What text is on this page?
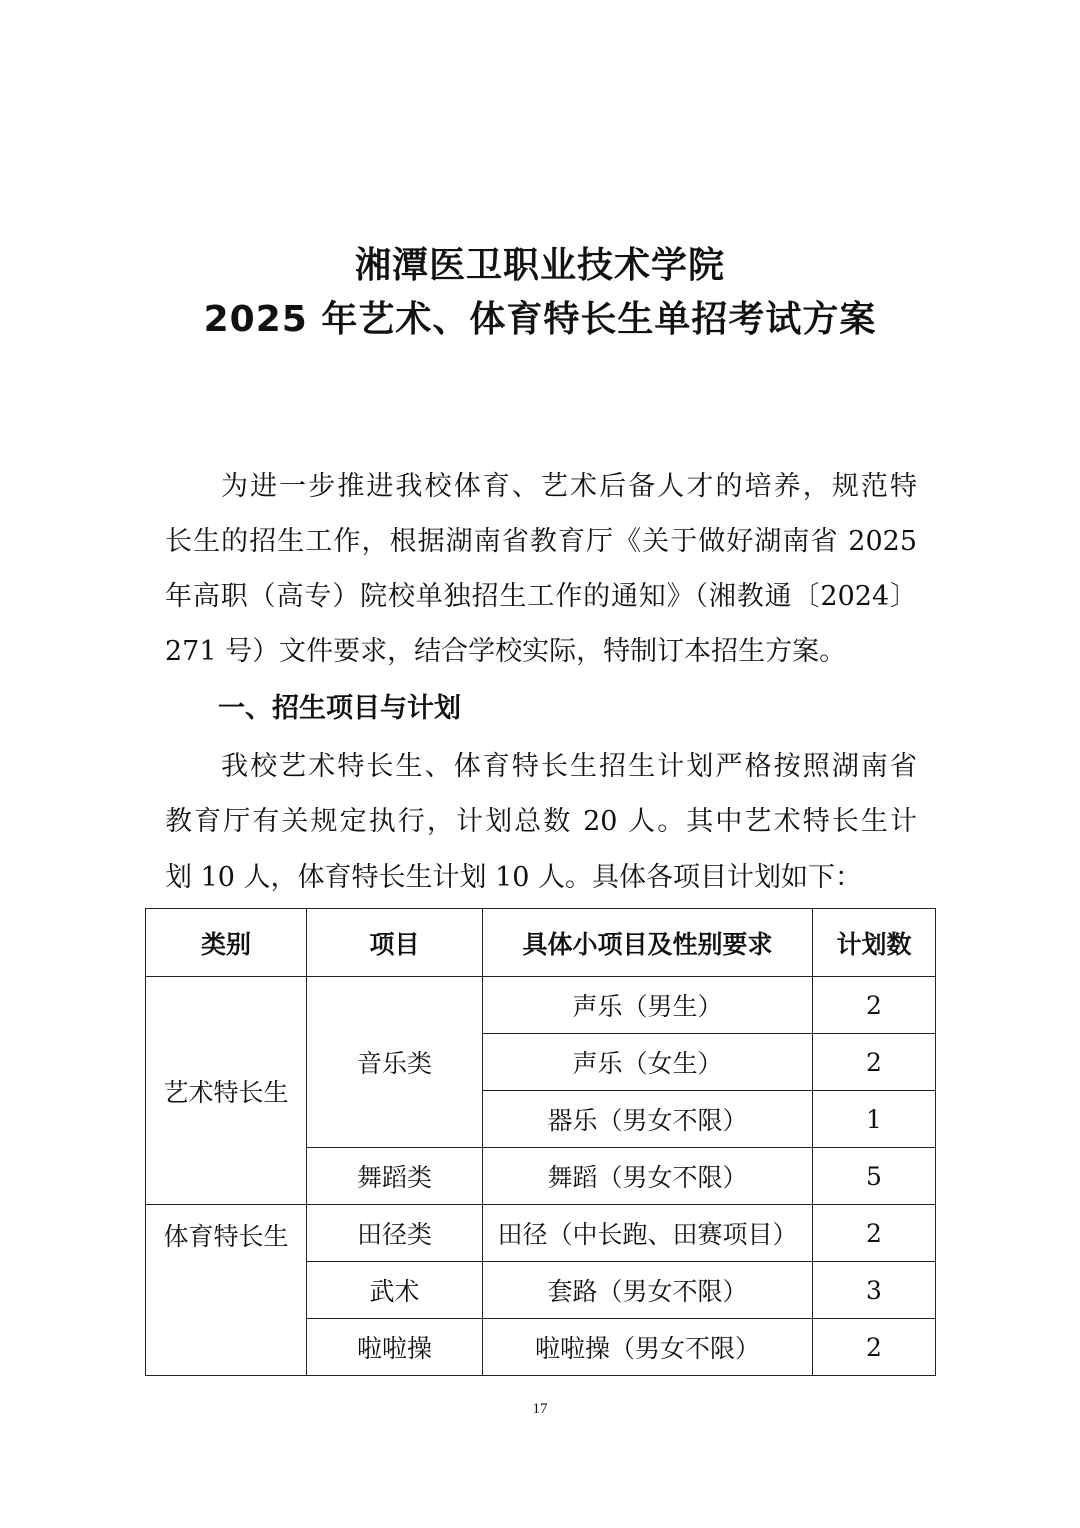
湘潭医卫职业技术学院
2025 年艺术、体育特长生单招考试方案
为进一步推进我校体育、艺术后备人才的培养，规范特
长生的招生工作，根据湖南省教育厅《关于做好湖南省 2025
年高职（高专）院校单独招生工作的通知》（湘教通〔2024〕
271 号）文件要求，结合学校实际，特制订本招生方案。
一、招生项目与计划
我校艺术特长生、体育特长生招生计划严格按照湖南省
教育厅有关规定执行，计划总数 20 人。其中艺术特长生计
划 10 人，体育特长生计划 10 人。具体各项目计划如下：
类别	项目	具体小项目及性别要求	计划数
艺术特长生	音乐类	声乐（男生）	2
		声乐（女生）	2
		器乐（男女不限）	1
	舞蹈类	舞蹈（男女不限）	5
体育特长生	田径类	田径（中长跑、田赛项目）	2
	武术	套路（男女不限）	3
	啦啦操	啦啦操（男女不限）	2
17
